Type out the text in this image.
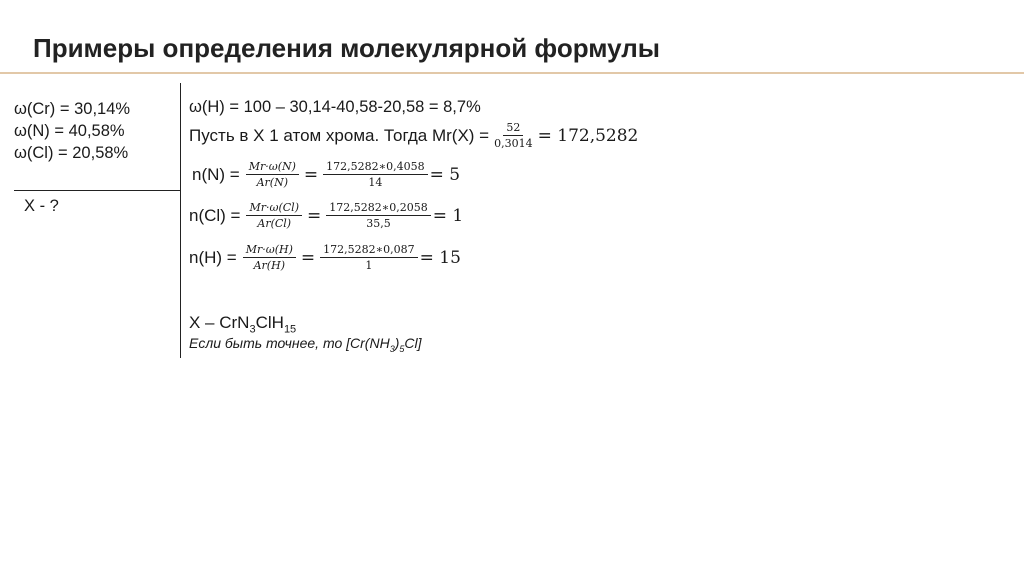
Примеры определения молекулярной формулы
ω(Cr) = 30,14%
ω(N) = 40,58%
ω(Cl) = 20,58%
X - ?
ω(H) = 100 – 30,14-40,58-20,58 = 8,7%
Пусть в X 1 атом хрома. Тогда $Mr(X) = \frac{52}{0,3014} = 172,5282$
$n(N) = \frac{Mr\cdot\omega(N)}{Ar(N)} = \frac{172,5282∗0,4058}{14} = 5$
$n(Cl) = \frac{Mr\cdot\omega(Cl)}{Ar(Cl)} = \frac{172,5282∗0,2058}{35,5} = 1$
$n(H) = \frac{Mr\cdot\omega(H)}{Ar(H)} = \frac{172,5282∗0,087}{1} = 15$
X – CrN$_3$ClH$_{15}$
Если быть точнее, то $[Cr(NH_3)_5Cl]$
